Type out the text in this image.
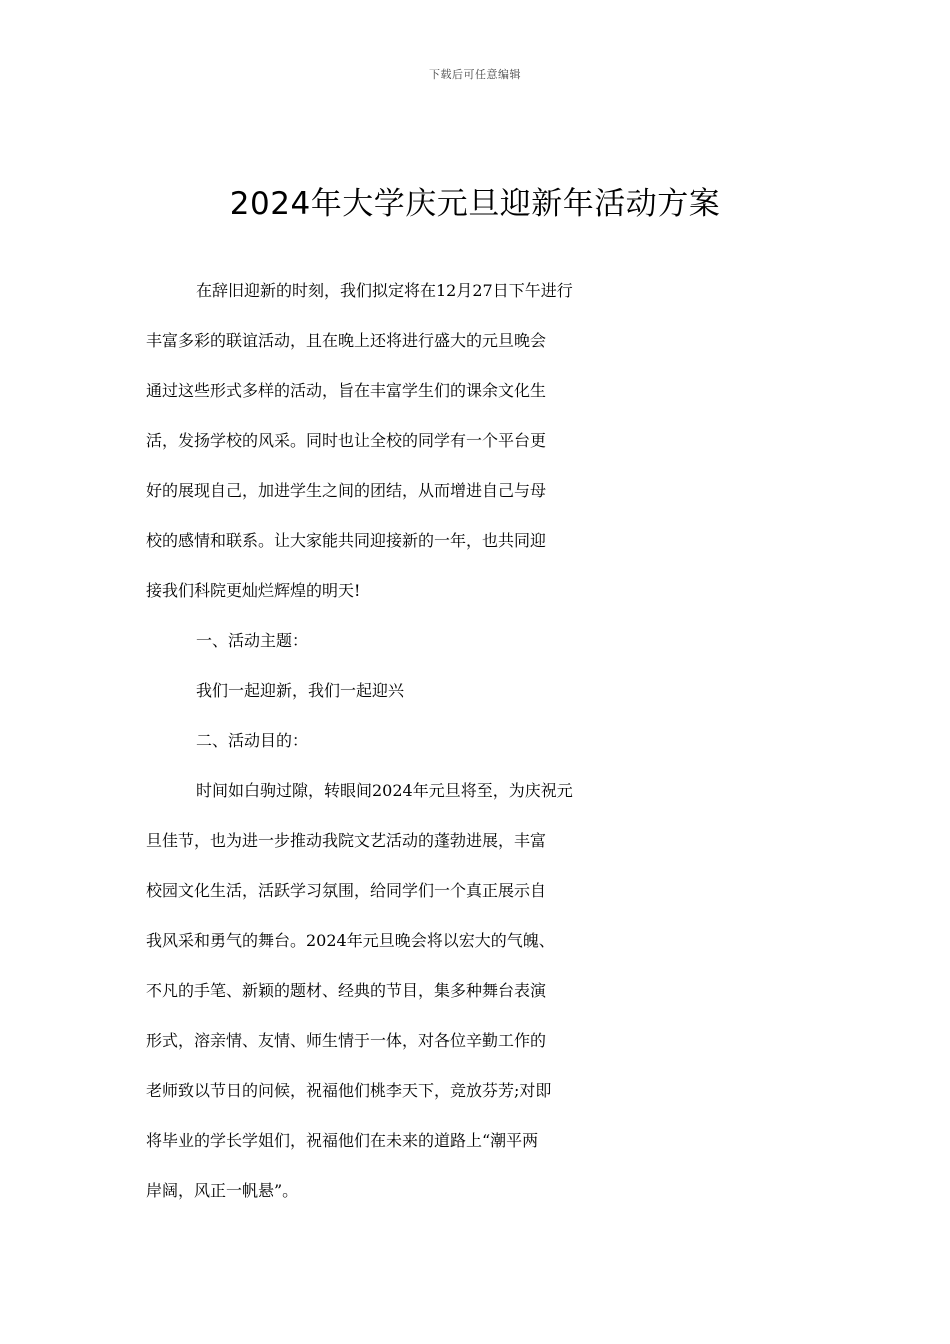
下载后可任意编辑
2024年大学庆元旦迎新年活动方案
在辞旧迎新的时刻，我们拟定将在12月27日下午进行
丰富多彩的联谊活动，且在晚上还将进行盛大的元旦晚会
通过这些形式多样的活动，旨在丰富学生们的课余文化生
活，发扬学校的风采。同时也让全校的同学有一个平台更
好的展现自己，加进学生之间的团结，从而增进自己与母
校的感情和联系。让大家能共同迎接新的一年，也共同迎
接我们科院更灿烂辉煌的明天!
一、活动主题：
我们一起迎新，我们一起迎兴
二、活动目的：
时间如白驹过隙，转眼间2024年元旦将至，为庆祝元
旦佳节，也为进一步推动我院文艺活动的蓬勃进展，丰富
校园文化生活，活跃学习氛围，给同学们一个真正展示自
我风采和勇气的舞台。2024年元旦晚会将以宏大的气魄、
不凡的手笔、新颖的题材、经典的节目，集多种舞台表演
形式，溶亲情、友情、师生情于一体，对各位辛勤工作的
老师致以节日的问候，祝福他们桃李天下，竞放芬芳;对即
将毕业的学长学姐们，祝福他们在未来的道路上“潮平两
岸阔，风正一帆悬”。
